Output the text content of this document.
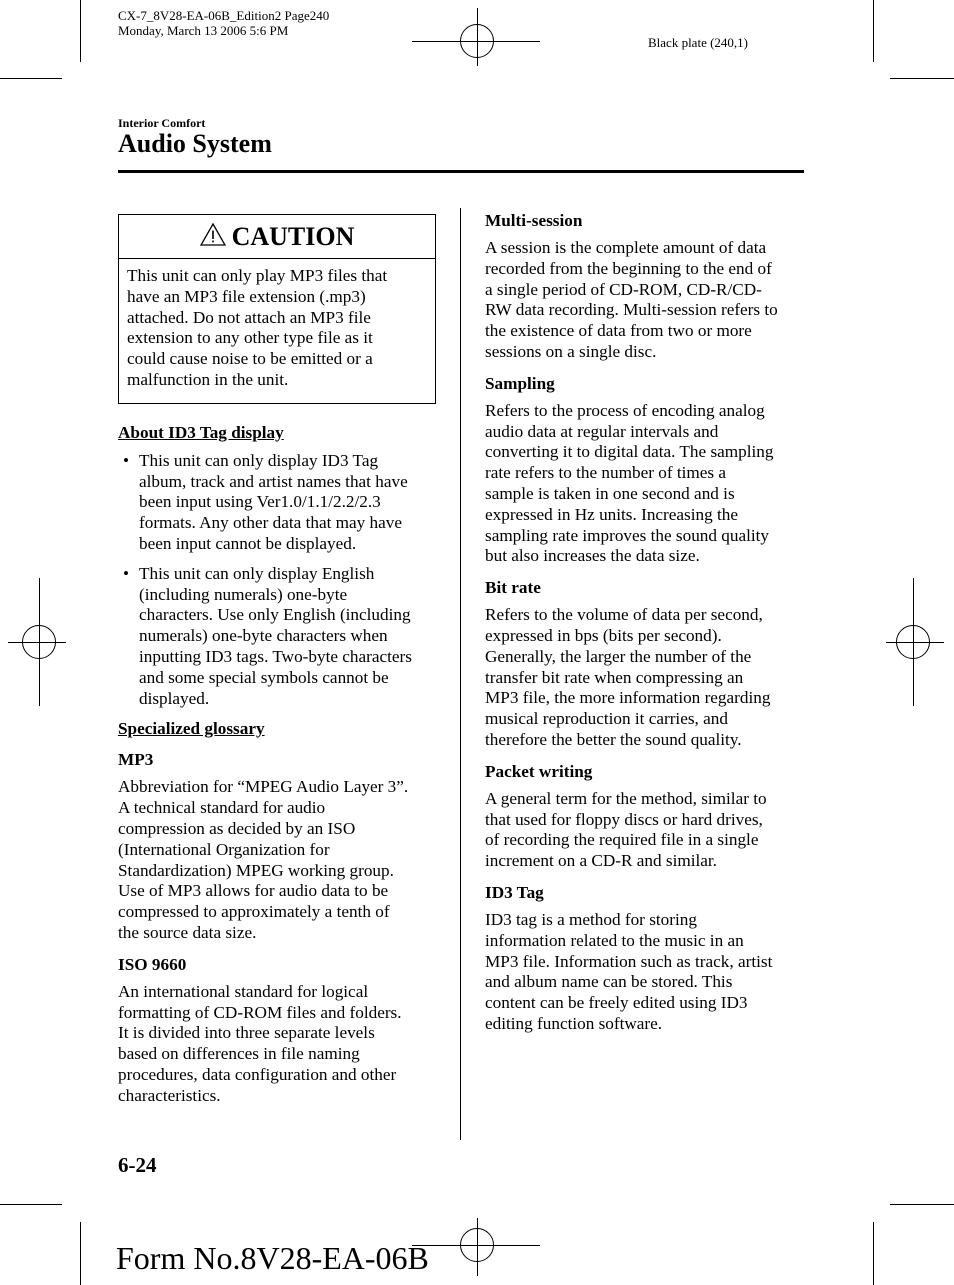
CX-7_8V28-EA-06B_Edition2 Page240
Monday, March 13 2006 5:6 PM
Black plate (240,1)
Interior Comfort
Audio System
CAUTION
This unit can only play MP3 files that
have an MP3 file extension (.mp3)
attached. Do not attach an MP3 file
extension to any other type file as it
could cause noise to be emitted or a
malfunction in the unit.
About ID3 Tag display
• This unit can only display ID3 Tag
album, track and artist names that have
been input using Ver1.0/1.1/2.2/2.3
formats. Any other data that may have
been input cannot be displayed.
• This unit can only display English
(including numerals) one-byte
characters. Use only English (including
numerals) one-byte characters when
inputting ID3 tags. Two-byte characters
and some special symbols cannot be
displayed.
Specialized glossary
MP3
Abbreviation for “MPEG Audio Layer 3”.
A technical standard for audio
compression as decided by an ISO
(International Organization for
Standardization) MPEG working group.
Use of MP3 allows for audio data to be
compressed to approximately a tenth of
the source data size.
ISO 9660
An international standard for logical
formatting of CD-ROM files and folders.
It is divided into three separate levels
based on differences in file naming
procedures, data configuration and other
characteristics.
Multi-session
A session is the complete amount of data
recorded from the beginning to the end of
a single period of CD-ROM, CD-R/CD-
RW data recording. Multi-session refers to
the existence of data from two or more
sessions on a single disc.
Sampling
Refers to the process of encoding analog
audio data at regular intervals and
converting it to digital data. The sampling
rate refers to the number of times a
sample is taken in one second and is
expressed in Hz units. Increasing the
sampling rate improves the sound quality
but also increases the data size.
Bit rate
Refers to the volume of data per second,
expressed in bps (bits per second).
Generally, the larger the number of the
transfer bit rate when compressing an
MP3 file, the more information regarding
musical reproduction it carries, and
therefore the better the sound quality.
Packet writing
A general term for the method, similar to
that used for floppy discs or hard drives,
of recording the required file in a single
increment on a CD-R and similar.
ID3 Tag
ID3 tag is a method for storing
information related to the music in an
MP3 file. Information such as track, artist
and album name can be stored. This
content can be freely edited using ID3
editing function software.
6-24
Form No.8V28-EA-06B
